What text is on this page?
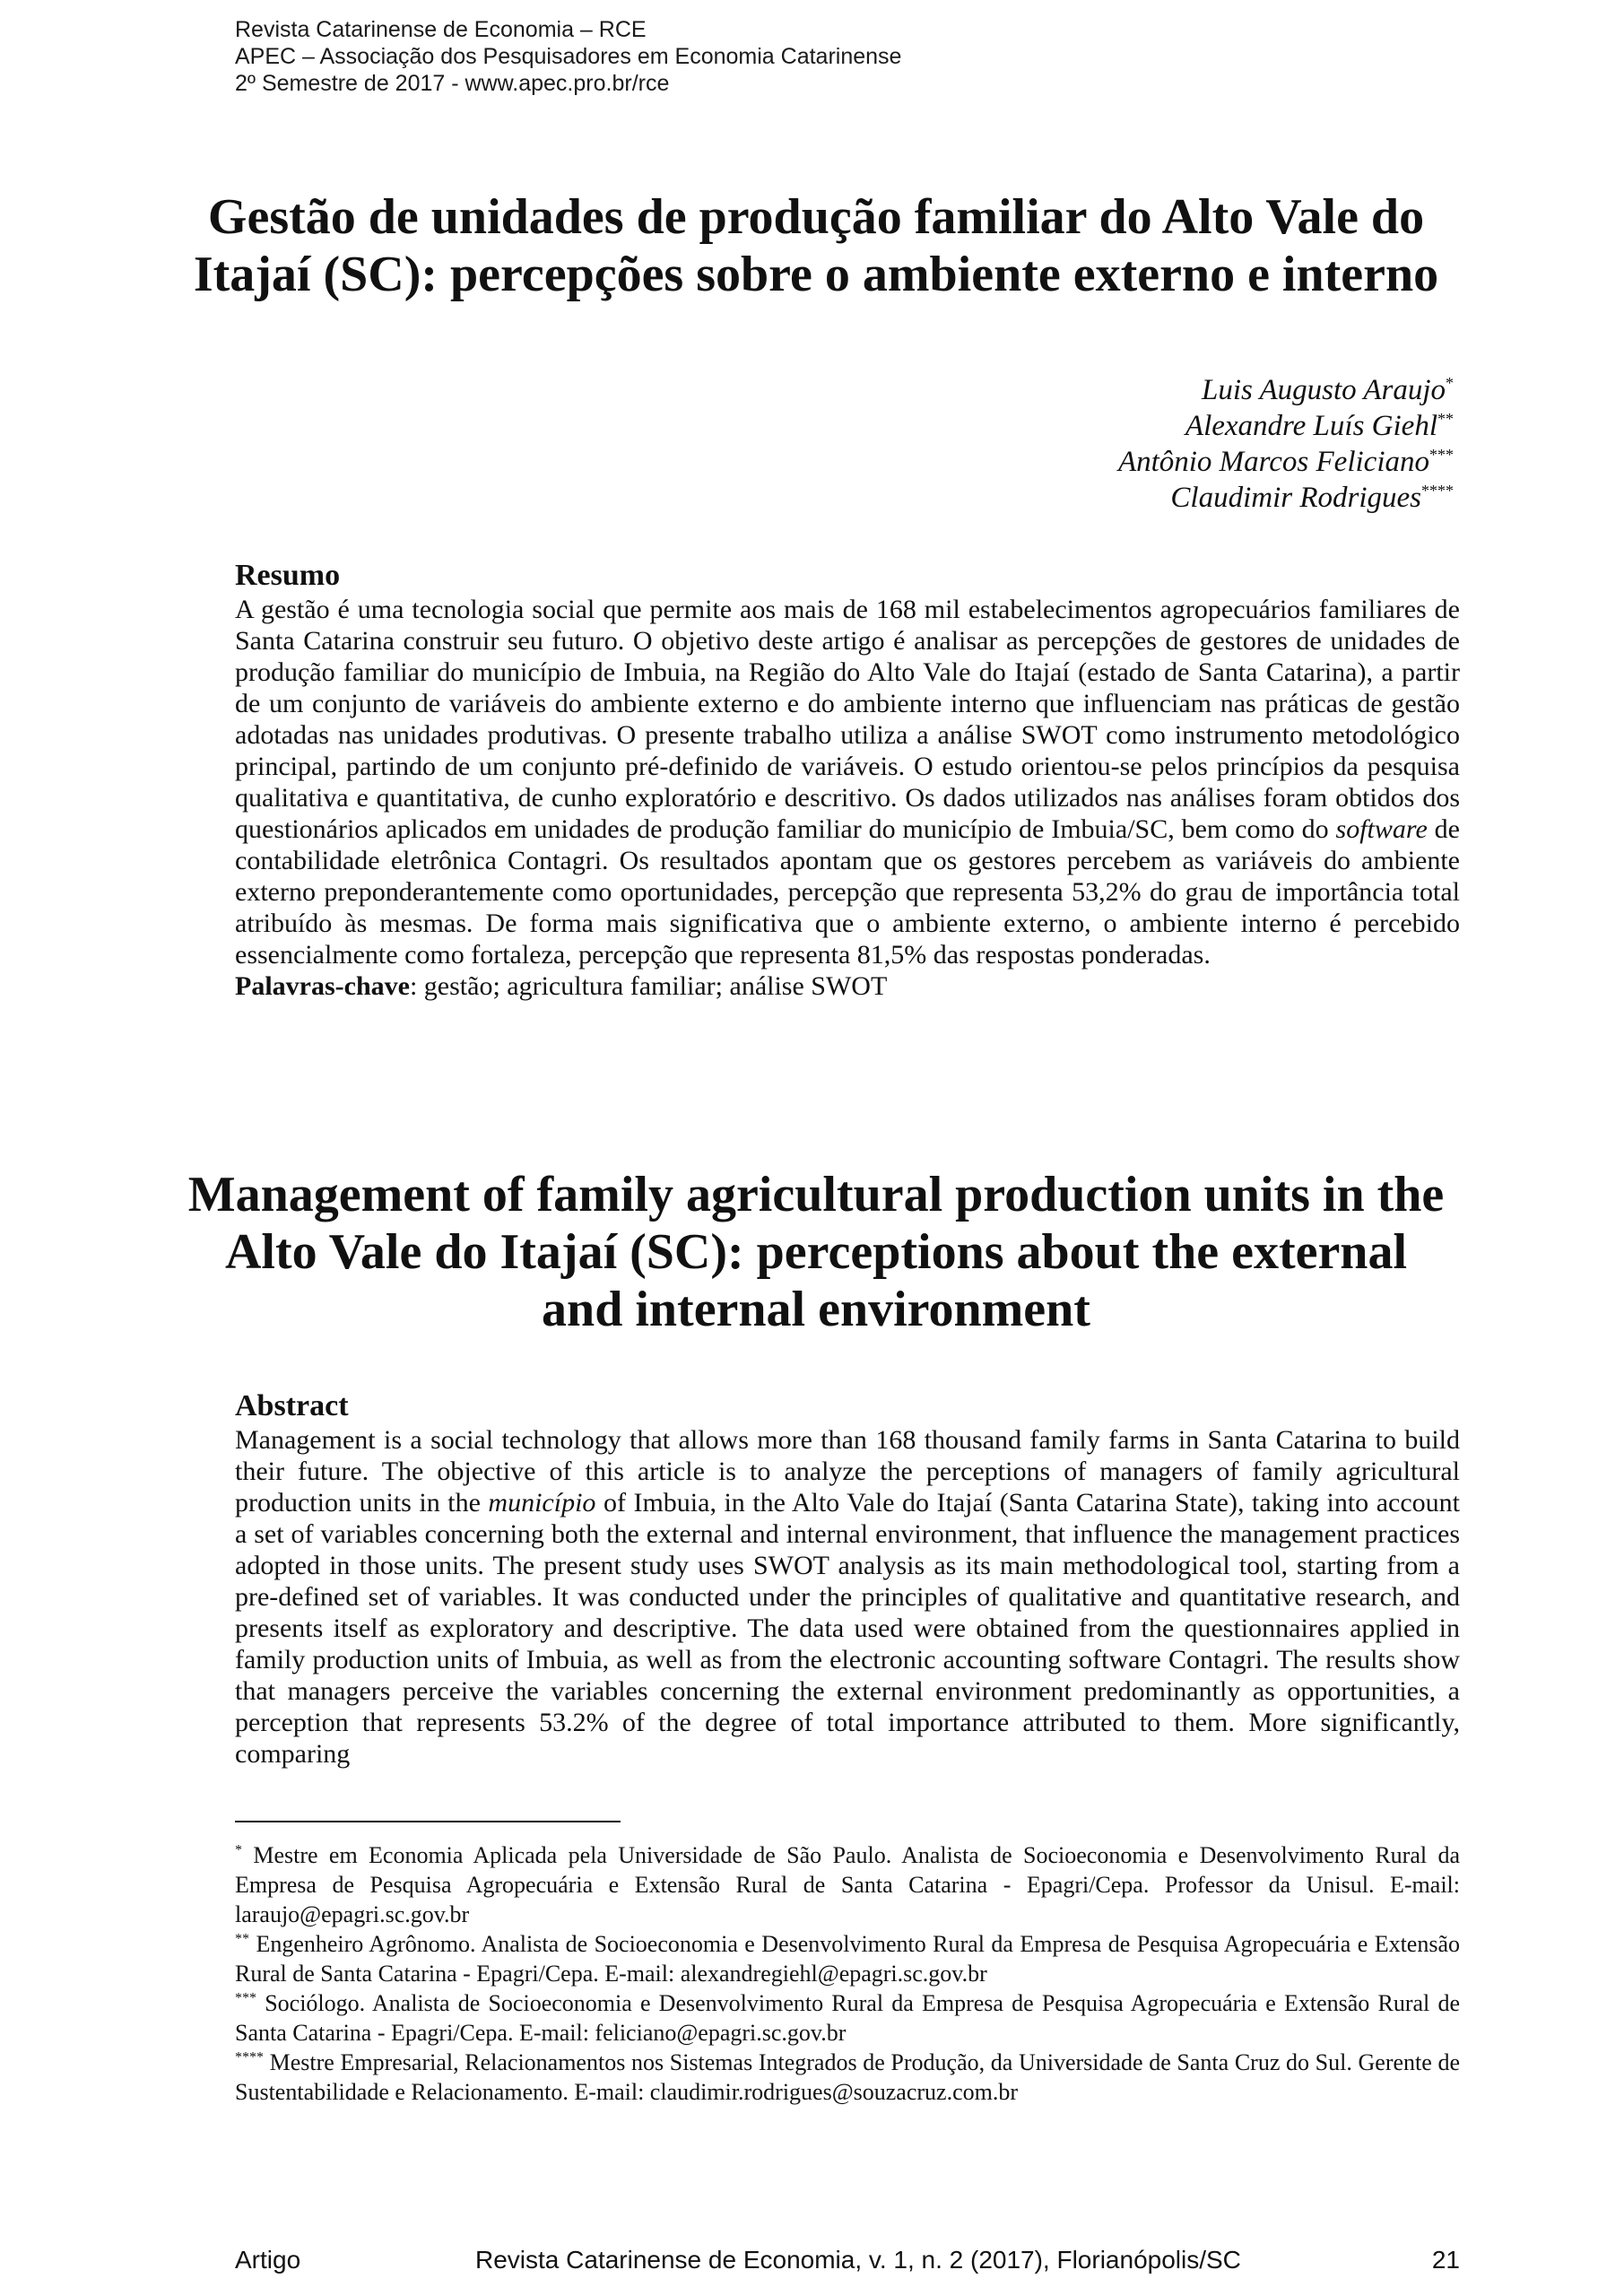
Revista Catarinense de Economia – RCE
APEC – Associação dos Pesquisadores em Economia Catarinense
2º Semestre de 2017 - www.apec.pro.br/rce
Gestão de unidades de produção familiar do Alto Vale do
Itajaí (SC): percepções sobre o ambiente externo e interno
Luis Augusto Araujo*
Alexandre Luís Giehl**
Antônio Marcos Feliciano***
Claudimir Rodrigues****
Resumo
A gestão é uma tecnologia social que permite aos mais de 168 mil estabelecimentos agropecuários familiares de Santa Catarina construir seu futuro. O objetivo deste artigo é analisar as percepções de gestores de unidades de produção familiar do município de Imbuia, na Região do Alto Vale do Itajaí (estado de Santa Catarina), a partir de um conjunto de variáveis do ambiente externo e do ambiente interno que influenciam nas práticas de gestão adotadas nas unidades produtivas. O presente trabalho utiliza a análise SWOT como instrumento metodológico principal, partindo de um conjunto pré-definido de variáveis. O estudo orientou-se pelos princípios da pesquisa qualitativa e quantitativa, de cunho exploratório e descritivo. Os dados utilizados nas análises foram obtidos dos questionários aplicados em unidades de produção familiar do município de Imbuia/SC, bem como do software de contabilidade eletrônica Contagri. Os resultados apontam que os gestores percebem as variáveis do ambiente externo preponderantemente como oportunidades, percepção que representa 53,2% do grau de importância total atribuído às mesmas. De forma mais significativa que o ambiente externo, o ambiente interno é percebido essencialmente como fortaleza, percepção que representa 81,5% das respostas ponderadas.
Palavras-chave: gestão; agricultura familiar; análise SWOT
Management of family agricultural production units in the
Alto Vale do Itajaí (SC): perceptions about the external
and internal environment
Abstract
Management is a social technology that allows more than 168 thousand family farms in Santa Catarina to build their future. The objective of this article is to analyze the perceptions of managers of family agricultural production units in the município of Imbuia, in the Alto Vale do Itajaí (Santa Catarina State), taking into account a set of variables concerning both the external and internal environment, that influence the management practices adopted in those units. The present study uses SWOT analysis as its main methodological tool, starting from a pre-defined set of variables. It was conducted under the principles of qualitative and quantitative research, and presents itself as exploratory and descriptive. The data used were obtained from the questionnaires applied in family production units of Imbuia, as well as from the electronic accounting software Contagri. The results show that managers perceive the variables concerning the external environment predominantly as opportunities, a perception that represents 53.2% of the degree of total importance attributed to them. More significantly, comparing

* Mestre em Economia Aplicada pela Universidade de São Paulo. Analista de Socioeconomia e Desenvolvimento Rural da Empresa de Pesquisa Agropecuária e Extensão Rural de Santa Catarina - Epagri/Cepa. Professor da Unisul. E-mail: laraujo@epagri.sc.gov.br

** Engenheiro Agrônomo. Analista de Socioeconomia e Desenvolvimento Rural da Empresa de Pesquisa Agropecuária e Extensão Rural de Santa Catarina - Epagri/Cepa. E-mail: alexandregiehl@epagri.sc.gov.br

*** Sociólogo. Analista de Socioeconomia e Desenvolvimento Rural da Empresa de Pesquisa Agropecuária e Extensão Rural de Santa Catarina - Epagri/Cepa. E-mail: feliciano@epagri.sc.gov.br

**** Mestre Empresarial, Relacionamentos nos Sistemas Integrados de Produção, da Universidade de Santa Cruz do Sul. Gerente de Sustentabilidade e Relacionamento. E-mail: claudimir.rodrigues@souzacruz.com.br

Artigo	Revista Catarinense de Economia, v. 1, n. 2 (2017), Florianópolis/SC	21
